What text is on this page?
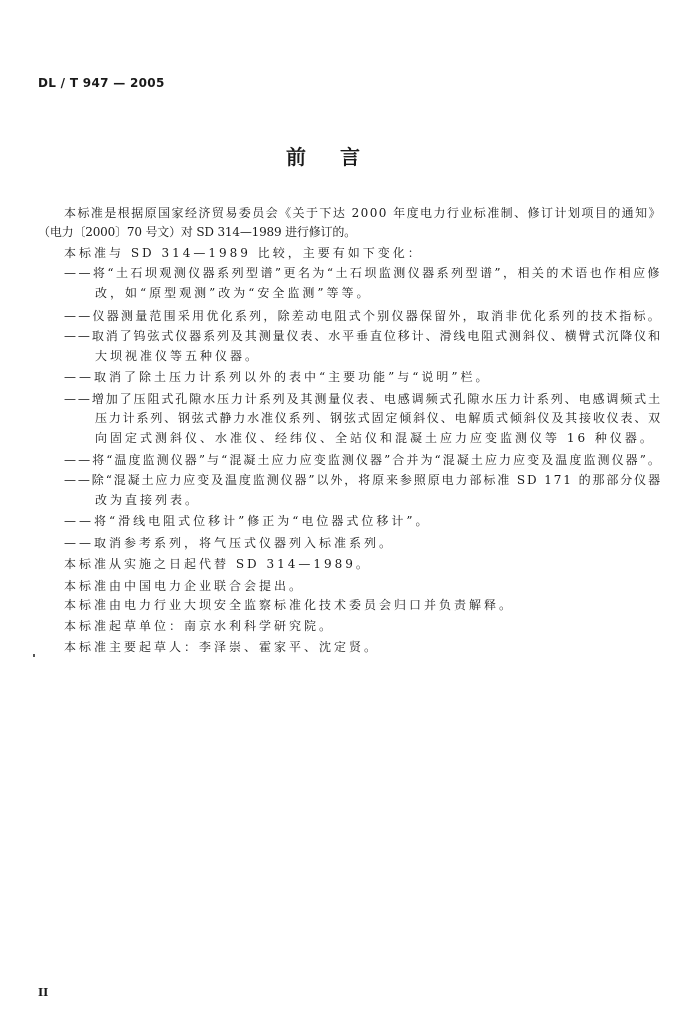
DL / T 947 — 2005
前言
本标准是根据原国家经济贸易委员会《关于下达 2000 年度电力行业标准制、修订计划项目的通知》
（电力〔2000〕70 号文）对 SD 314—1989 进行修订的。
本标准与 SD 314—1989 比较，主要有如下变化：
——将“土石坝观测仪器系列型谱”更名为“土石坝监测仪器系列型谱”，相关的术语也作相应修
改，如“原型观测”改为“安全监测”等等。
——仪器测量范围采用优化系列，除差动电阻式个别仪器保留外，取消非优化系列的技术指标。
——取消了钨弦式仪器系列及其测量仪表、水平垂直位移计、滑线电阻式测斜仪、横臂式沉降仪和
大坝视准仪等五种仪器。
——取消了除土压力计系列以外的表中“主要功能”与“说明”栏。
——增加了压阻式孔隙水压力计系列及其测量仪表、电感调频式孔隙水压力计系列、电感调频式土
压力计系列、钢弦式静力水准仪系列、钢弦式固定倾斜仪、电解质式倾斜仪及其接收仪表、双
向固定式测斜仪、水准仪、经纬仪、全站仪和混凝土应力应变监测仪等 16 种仪器。
——将“温度监测仪器”与“混凝土应力应变监测仪器”合并为“混凝土应力应变及温度监测仪器”。
——除“混凝土应力应变及温度监测仪器”以外，将原来参照原电力部标准 SD 171 的那部分仪器
改为直接列表。
——将“滑线电阻式位移计”修正为“电位器式位移计”。
——取消参考系列，将气压式仪器列入标准系列。
本标准从实施之日起代替 SD 314—1989。
本标准由中国电力企业联合会提出。
本标准由电力行业大坝安全监察标准化技术委员会归口并负责解释。
本标准起草单位：南京水利科学研究院。
本标准主要起草人：李泽崇、霍家平、沈定贤。
II
